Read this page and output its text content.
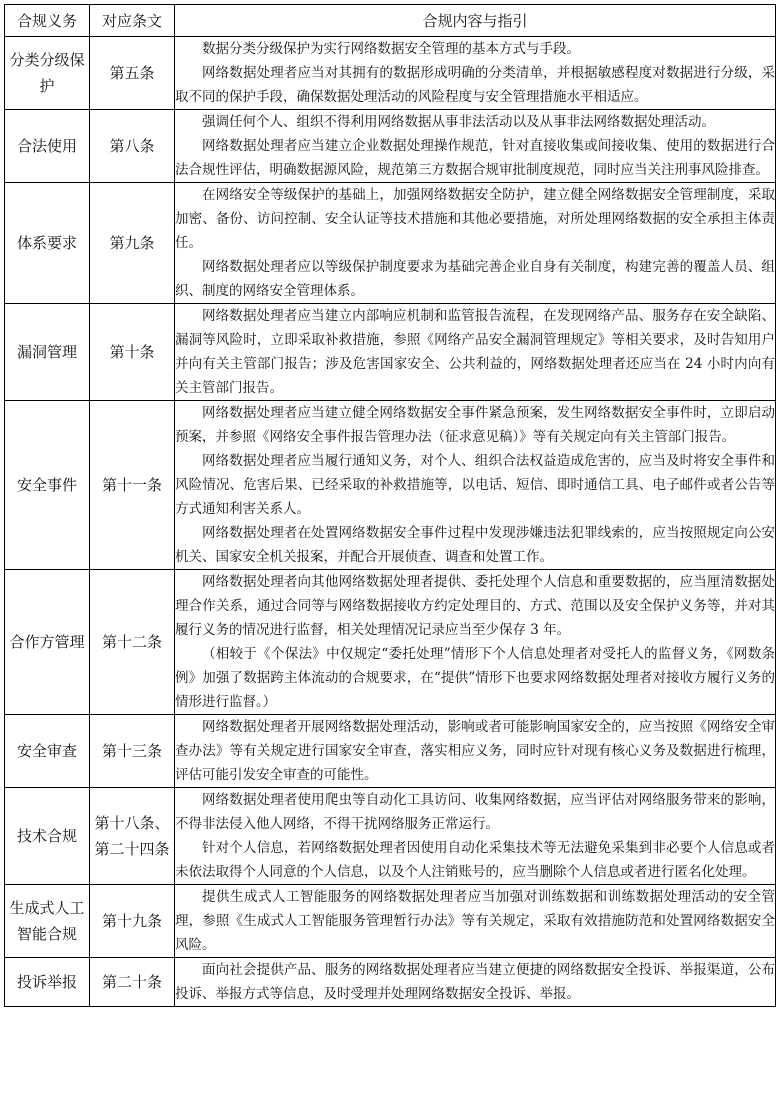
合规义务	对应条文	合规内容与指引
分类分级保护	第五条	数据分类分级保护为实行网络数据安全管理的基本方式与手段。

网络数据处理者应当对其拥有的数据形成明确的分类清单，并根据敏感程度对数据进行分级，采取不同的保护手段，确保数据处理活动的风险程度与安全管理措施水平相适应。

合法使用	第八条	强调任何个人、组织不得利用网络数据从事非法活动以及从事非法网络数据处理活动。

网络数据处理者应当建立企业数据处理操作规范，针对直接收集或间接收集、使用的数据进行合法合规性评估，明确数据源风险，规范第三方数据合规审批制度规范，同时应当关注刑事风险排查。

体系要求	第九条	在网络安全等级保护的基础上，加强网络数据安全防护，建立健全网络数据安全管理制度，采取加密、备份、访问控制、安全认证等技术措施和其他必要措施，对所处理网络数据的安全承担主体责任。

网络数据处理者应以等级保护制度要求为基础完善企业自身有关制度，构建完善的覆盖人员、组织、制度的网络安全管理体系。

漏洞管理	第十条	网络数据处理者应当建立内部响应机制和监管报告流程，在发现网络产品、服务存在安全缺陷、漏洞等风险时，立即采取补救措施，参照《网络产品安全漏洞管理规定》等相关要求，及时告知用户并向有关主管部门报告；涉及危害国家安全、公共利益的，网络数据处理者还应当在 24 小时内向有关主管部门报告。

安全事件	第十一条	网络数据处理者应当建立健全网络数据安全事件紧急预案，发生网络数据安全事件时，立即启动预案，并参照《网络安全事件报告管理办法（征求意见稿）》等有关规定向有关主管部门报告。

网络数据处理者应当履行通知义务，对个人、组织合法权益造成危害的，应当及时将安全事件和风险情况、危害后果、已经采取的补救措施等，以电话、短信、即时通信工具、电子邮件或者公告等方式通知利害关系人。

网络数据处理者在处置网络数据安全事件过程中发现涉嫌违法犯罪线索的，应当按照规定向公安机关、国家安全机关报案，并配合开展侦查、调查和处置工作。

合作方管理	第十二条	网络数据处理者向其他网络数据处理者提供、委托处理个人信息和重要数据的，应当厘清数据处理合作关系，通过合同等与网络数据接收方约定处理目的、方式、范围以及安全保护义务等，并对其履行义务的情况进行监督，相关处理情况记录应当至少保存 3 年。

（相较于《个保法》中仅规定“委托处理”情形下个人信息处理者对受托人的监督义务，《网数条例》加强了数据跨主体流动的合规要求，在“提供”情形下也要求网络数据处理者对接收方履行义务的情形进行监督。）

安全审查	第十三条	网络数据处理者开展网络数据处理活动，影响或者可能影响国家安全的，应当按照《网络安全审查办法》等有关规定进行国家安全审查，落实相应义务，同时应针对现有核心义务及数据进行梳理，评估可能引发安全审查的可能性。

技术合规	第十八条、第二十四条	网络数据处理者使用爬虫等自动化工具访问、收集网络数据，应当评估对网络服务带来的影响，不得非法侵入他人网络，不得干扰网络服务正常运行。

针对个人信息，若网络数据处理者因使用自动化采集技术等无法避免采集到非必要个人信息或者未依法取得个人同意的个人信息，以及个人注销账号的，应当删除个人信息或者进行匿名化处理。

生成式人工智能合规	第十九条	提供生成式人工智能服务的网络数据处理者应当加强对训练数据和训练数据处理活动的安全管理，参照《生成式人工智能服务管理暂行办法》等有关规定，采取有效措施防范和处置网络数据安全风险。

投诉举报	第二十条	面向社会提供产品、服务的网络数据处理者应当建立便捷的网络数据安全投诉、举报渠道，公布投诉、举报方式等信息，及时受理并处理网络数据安全投诉、举报。
